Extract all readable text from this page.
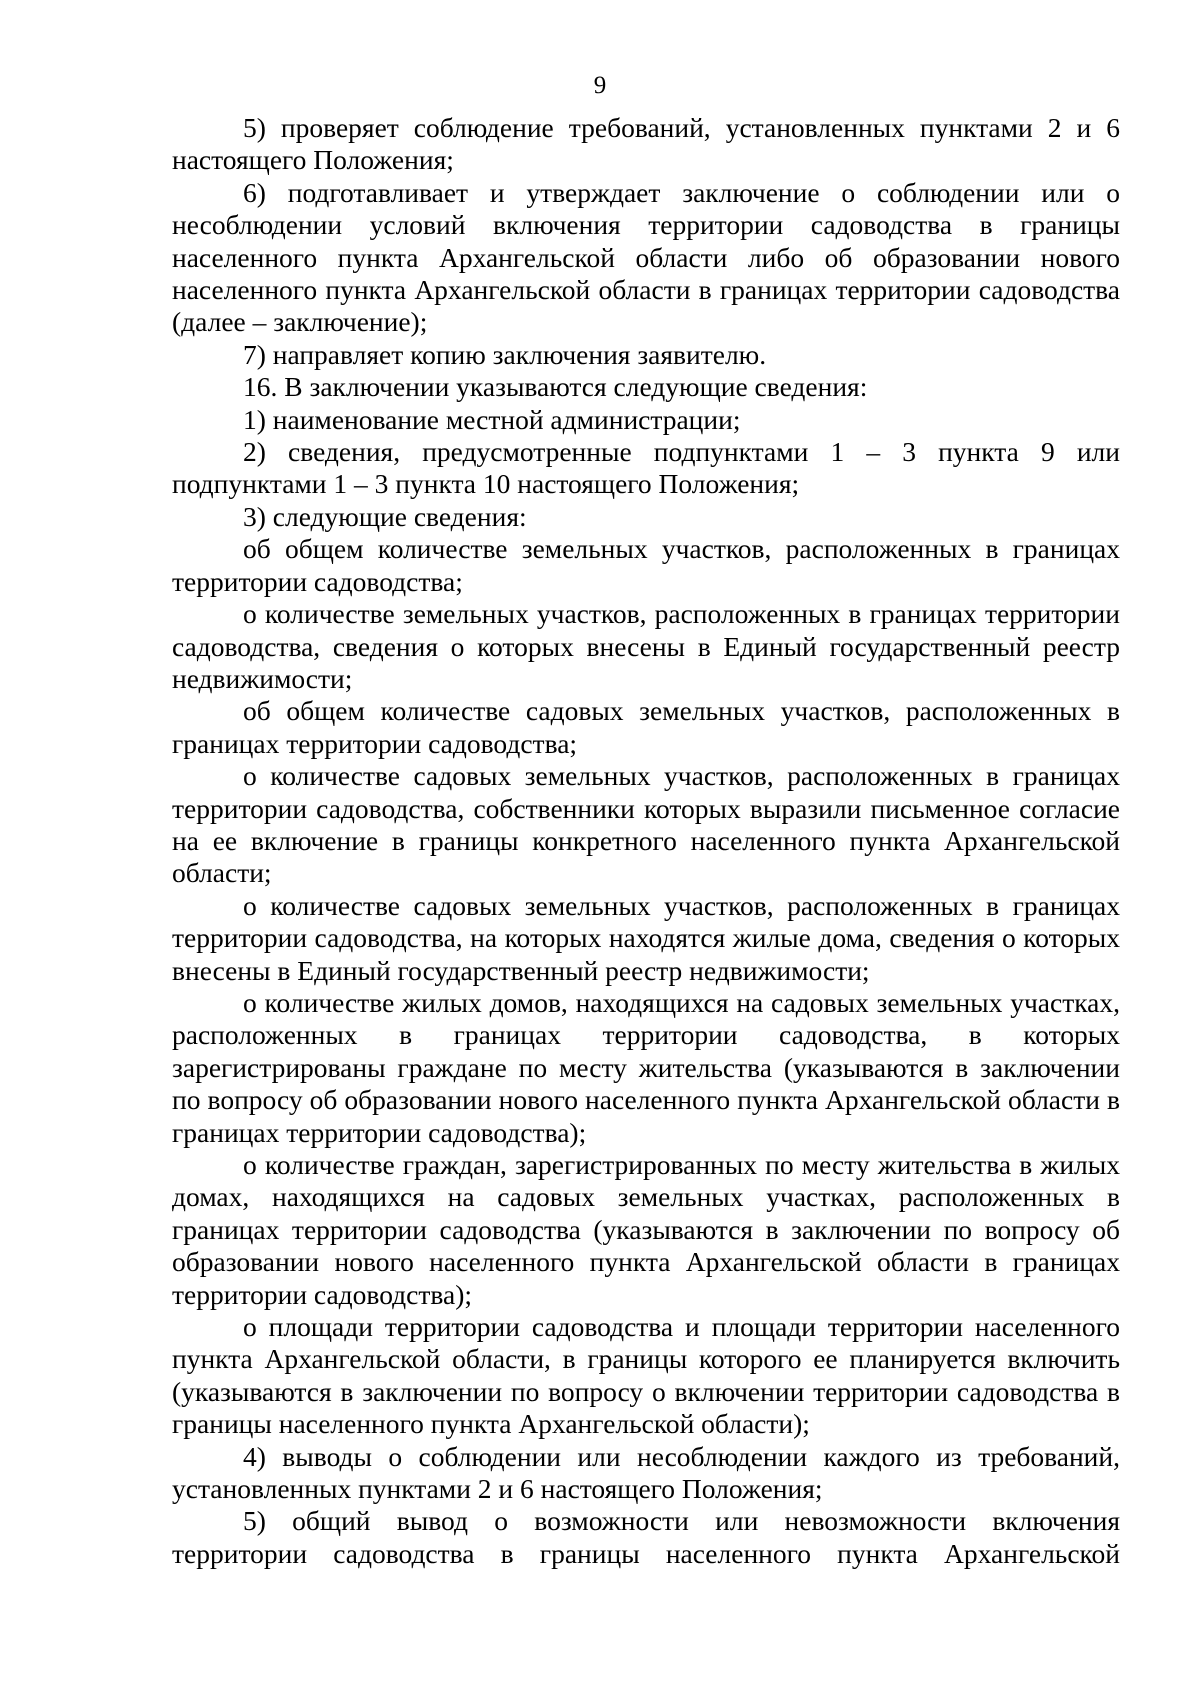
9

5) проверяет соблюдение требований, установленных пунктами 2 и 6 настоящего Положения;

6) подготавливает и утверждает заключение о соблюдении или о несоблюдении условий включения территории садоводства в границы населенного пункта Архангельской области либо об образовании нового населенного пункта Архангельской области в границах территории садоводства (далее – заключение);

7) направляет копию заключения заявителю.

16. В заключении указываются следующие сведения:

1) наименование местной администрации;

2) сведения, предусмотренные подпунктами 1 – 3 пункта 9 или подпунктами 1 – 3 пункта 10 настоящего Положения;

3) следующие сведения:

об общем количестве земельных участков, расположенных в границах территории садоводства;

о количестве земельных участков, расположенных в границах территории садоводства, сведения о которых внесены в Единый государственный реестр недвижимости;

об общем количестве садовых земельных участков, расположенных в границах территории садоводства;

о количестве садовых земельных участков, расположенных в границах территории садоводства, собственники которых выразили письменное согласие на ее включение в границы конкретного населенного пункта Архангельской области;

о количестве садовых земельных участков, расположенных в границах территории садоводства, на которых находятся жилые дома, сведения о которых внесены в Единый государственный реестр недвижимости;

о количестве жилых домов, находящихся на садовых земельных участках, расположенных в границах территории садоводства, в которых зарегистрированы граждане по месту жительства (указываются в заключении по вопросу об образовании нового населенного пункта Архангельской области в границах территории садоводства);

о количестве граждан, зарегистрированных по месту жительства в жилых домах, находящихся на садовых земельных участках, расположенных в границах территории садоводства (указываются в заключении по вопросу об образовании нового населенного пункта Архангельской области в границах территории садоводства);

о площади территории садоводства и площади территории населенного пункта Архангельской области, в границы которого ее планируется включить (указываются в заключении по вопросу о включении территории садоводства в границы населенного пункта Архангельской области);

4) выводы о соблюдении или несоблюдении каждого из требований, установленных пунктами 2 и 6 настоящего Положения;

5) общий вывод о возможности или невозможности включения территории садоводства в границы населенного пункта Архангельской
